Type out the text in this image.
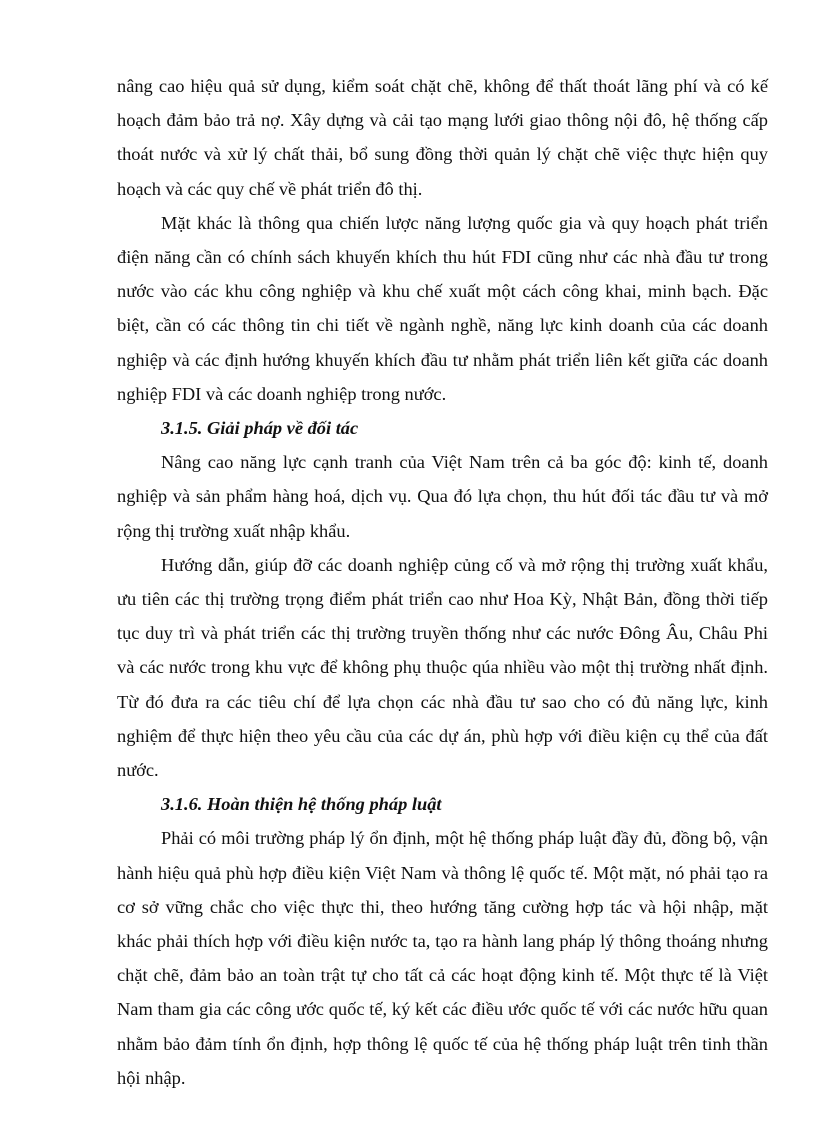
nâng cao hiệu quả sử dụng, kiểm soát chặt chẽ, không để thất thoát lãng phí và có kế hoạch đảm bảo trả nợ. Xây dựng và cải tạo mạng lưới giao thông nội đô, hệ thống cấp thoát nước và xử lý chất thải, bổ sung đồng thời quản lý chặt chẽ việc thực hiện quy hoạch và các quy chế về phát triển đô thị.

Mặt khác là thông qua chiến lược năng lượng quốc gia và quy hoạch phát triển điện năng cần có chính sách khuyến khích thu hút FDI cũng như các nhà đầu tư trong nước vào các khu công nghiệp và khu chế xuất một cách công khai, minh bạch. Đặc biệt, cần có các thông tin chi tiết về ngành nghề, năng lực kinh doanh của các doanh nghiệp và các định hướng khuyến khích đầu tư nhằm phát triển liên kết giữa các doanh nghiệp FDI và các doanh nghiệp trong nước.

3.1.5. Giải pháp về đối tác

Nâng cao năng lực cạnh tranh của Việt Nam trên cả ba góc độ: kinh tế, doanh nghiệp và sản phẩm hàng hoá, dịch vụ. Qua đó lựa chọn, thu hút đối tác đầu tư và mở rộng thị trường xuất nhập khẩu.

Hướng dẫn, giúp đỡ các doanh nghiệp củng cố và mở rộng thị trường xuất khẩu, ưu tiên các thị trường trọng điểm phát triển cao như Hoa Kỳ, Nhật Bản, đồng thời tiếp tục duy trì và phát triển các thị trường truyền thống như các nước Đông Âu, Châu Phi và các nước trong khu vực để không phụ thuộc qúa nhiều vào một thị trường nhất định. Từ đó đưa ra các tiêu chí để lựa chọn các nhà đầu tư sao cho có đủ năng lực, kinh nghiệm để thực hiện theo yêu cầu của các dự án, phù hợp với điều kiện cụ thể của đất nước.

3.1.6. Hoàn thiện hệ thống pháp luật

Phải có môi trường pháp lý ổn định, một hệ thống pháp luật đầy đủ, đồng bộ, vận hành hiệu quả phù hợp điều kiện Việt Nam và thông lệ quốc tế. Một mặt, nó phải tạo ra cơ sở vững chắc cho việc thực thi, theo hướng tăng cường hợp tác và hội nhập, mặt khác phải thích hợp với điều kiện nước ta, tạo ra hành lang pháp lý thông thoáng nhưng chặt chẽ, đảm bảo an toàn trật tự cho tất cả các hoạt động kinh tế. Một thực tế là Việt Nam tham gia các công ước quốc tế, ký kết các điều ước quốc tế với các nước hữu quan nhằm bảo đảm tính ổn định, hợp thông lệ quốc tế của hệ thống pháp luật trên tinh thần hội nhập.
